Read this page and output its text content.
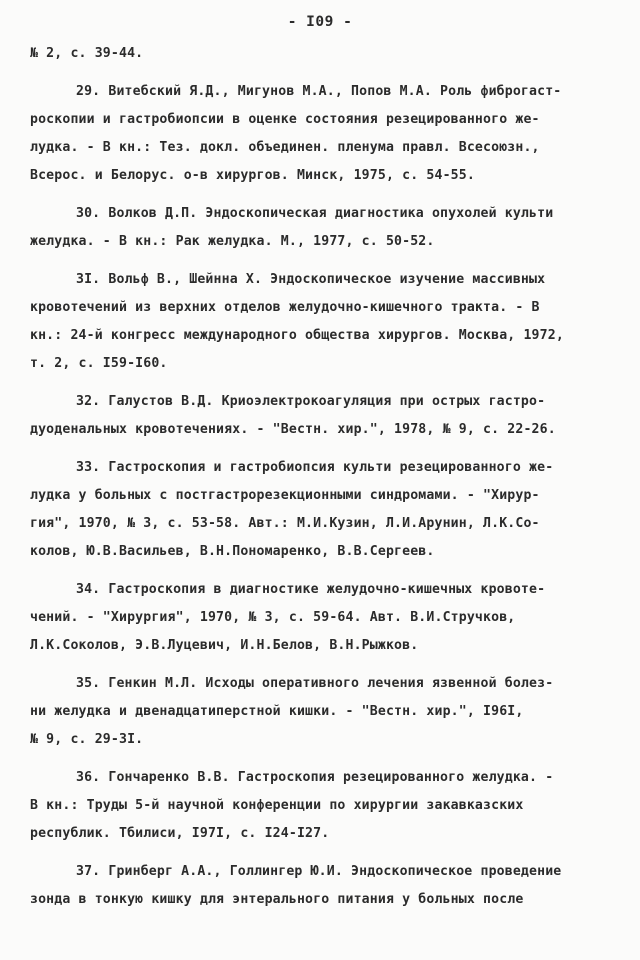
- I09 -
№ 2, с. 39-44.
29. Витебский Я.Д., Мигунов М.А., Попов М.А. Роль фиброгаст-
роскопии и гастробиопсии в оценке состояния резецированного же-
лудка. - В кн.: Тез. докл. объединен. пленума правл. Всесоюзн.,
Всерос. и Белорус. о-в хирургов. Минск, 1975, с. 54-55.
30. Волков Д.П. Эндоскопическая диагностика опухолей культи
желудка. - В кн.: Рак желудка. М., 1977, с. 50-52.
3I. Вольф В., Шейнна Х. Эндоскопическое изучение массивных
кровотечений из верхних отделов желудочно-кишечного тракта. - В
кн.: 24-й конгресс международного общества хирургов. Москва, 1972,
т. 2, с. I59-I60.
32. Галустов В.Д. Криоэлектрокоагуляция при острых гастро-
дуоденальных кровотечениях. - "Вестн. хир.", 1978, № 9, с. 22-26.
33. Гастроскопия и гастробиопсия культи резецированного же-
лудка у больных с постгастрорезекционными синдромами. - "Хирур-
гия", 1970, № 3, с. 53-58. Авт.: М.И.Кузин, Л.И.Арунин, Л.К.Со-
колов, Ю.В.Васильев, В.Н.Пономаренко, В.В.Сергеев.
34. Гастроскопия в диагностике желудочно-кишечных кровоте-
чений. - "Хирургия", 1970, № 3, с. 59-64. Авт. В.И.Стручков,
Л.К.Соколов, Э.В.Луцевич, И.Н.Белов, В.Н.Рыжков.
35. Генкин М.Л. Исходы оперативного лечения язвенной болез-
ни желудка и двенадцатиперстной кишки. - "Вестн. хир.", I96I,
№ 9, с. 29-3I.
36. Гончаренко В.В. Гастроскопия резецированного желудка. -
В кн.: Труды 5-й научной конференции по хирургии закавказских
республик. Тбилиси, I97I, с. I24-I27.
37. Гринберг А.А., Голлингер Ю.И. Эндоскопическое проведение
зонда в тонкую кишку для энтерального питания у больных после
